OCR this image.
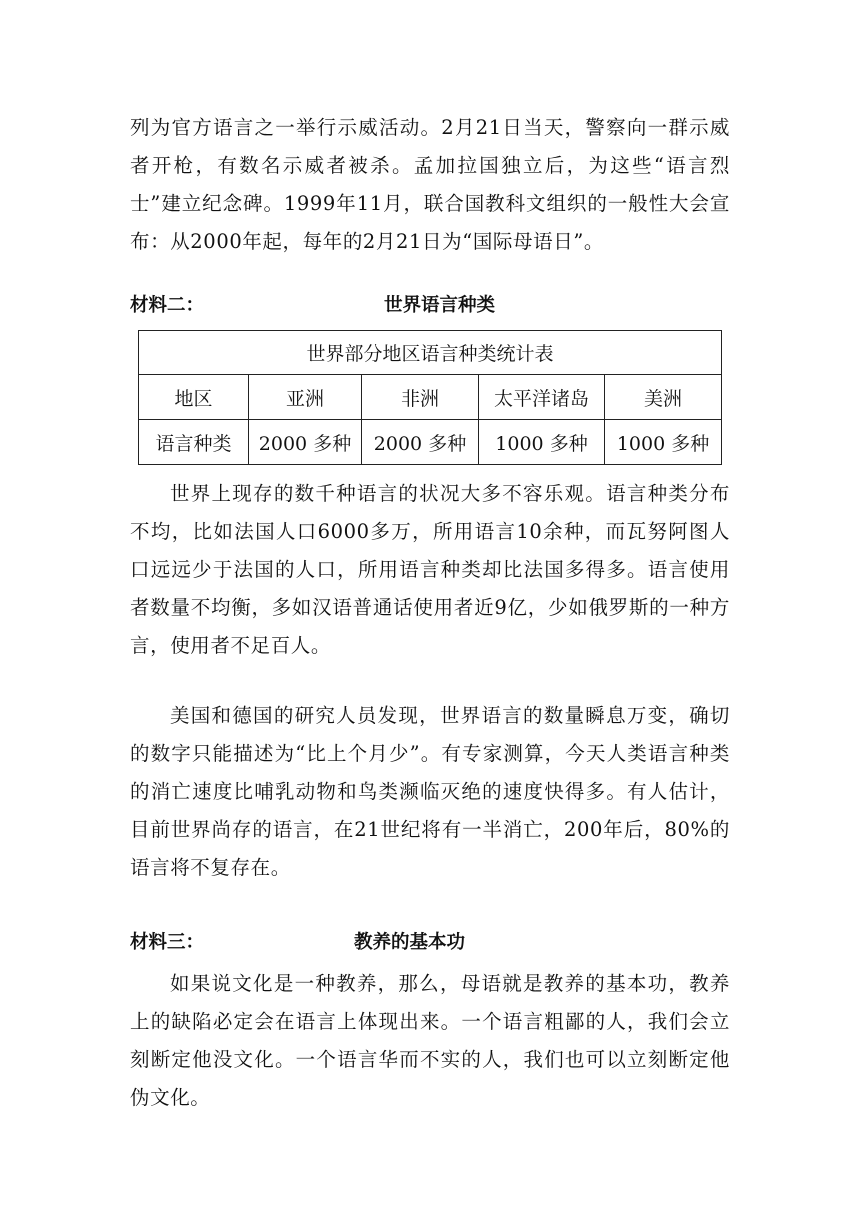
列为官方语言之一举行示威活动。2月21日当天，警察向一群示威者开枪，有数名示威者被杀。孟加拉国独立后，为这些“语言烈士”建立纪念碑。1999年11月，联合国教科文组织的一般性大会宣布：从2000年起，每年的2月21日为“国际母语日”。

材料二：	世界语言种类
世界部分地区语言种类统计表				
地区	亚洲	非洲	太平洋诸岛	美洲
语言种类	2000 多种	2000 多种	1000 多种	1000 多种

世界上现存的数千种语言的状况大多不容乐观。语言种类分布不均，比如法国人口6000多万，所用语言10余种，而瓦努阿图人口远远少于法国的人口，所用语言种类却比法国多得多。语言使用者数量不均衡，多如汉语普通话使用者近9亿，少如俄罗斯的一种方言，使用者不足百人。

美国和德国的研究人员发现，世界语言的数量瞬息万变，确切的数字只能描述为“比上个月少”。有专家测算，今天人类语言种类的消亡速度比哺乳动物和鸟类濒临灭绝的速度快得多。有人估计，目前世界尚存的语言，在21世纪将有一半消亡，200年后，80%的语言将不复存在。

材料三：	教养的基本功

如果说文化是一种教养，那么，母语就是教养的基本功，教养上的缺陷必定会在语言上体现出来。一个语言粗鄙的人，我们会立刻断定他没文化。一个语言华而不实的人，我们也可以立刻断定他伪文化。
